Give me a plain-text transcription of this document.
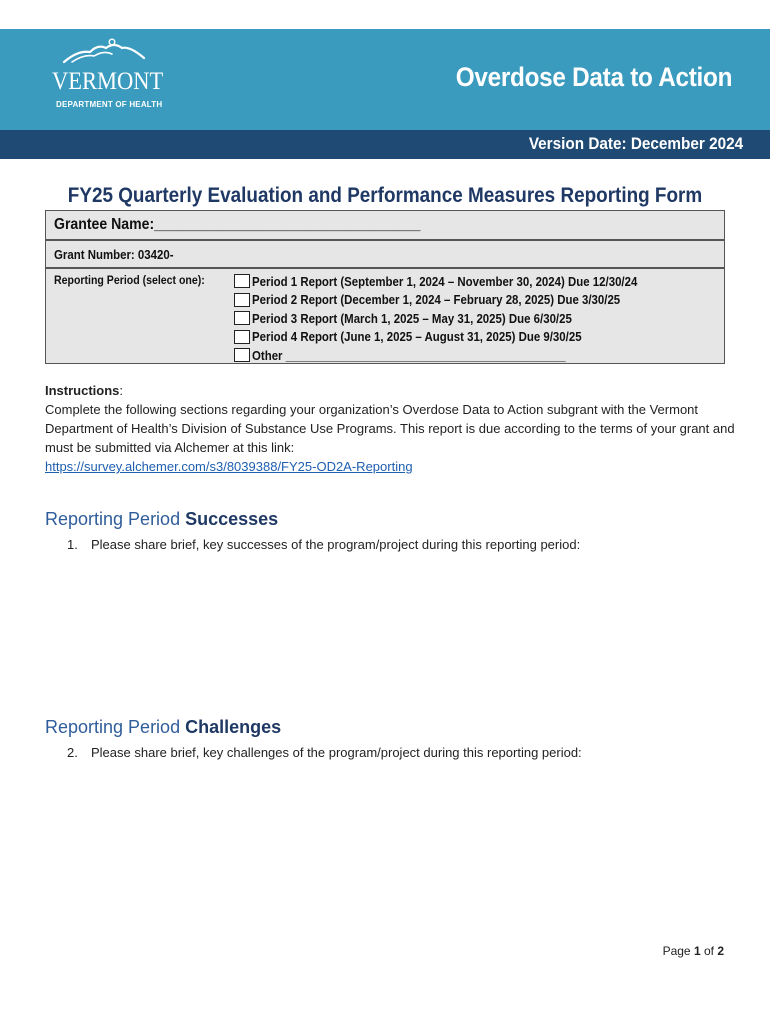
VERMONT
DEPARTMENT OF HEALTH
Overdose Data to Action
Version Date: December 2024
FY25 Quarterly Evaluation and Performance Measures Reporting Form
Grantee Name:__________________________________
Grant Number: 03420-
Reporting Period (select one):	Period 1 Report (September 1, 2024 – November 30, 2024) Due 12/30/24
Period 2 Report (December 1, 2024 – February 28, 2025) Due 3/30/25
Period 3 Report (March 1, 2025 – May 31, 2025) Due 6/30/25
Period 4 Report (June 1, 2025 – August 31, 2025) Due 9/30/25
Other ____________________________________________
Instructions:
Complete the following sections regarding your organization’s Overdose Data to Action subgrant with the Vermont Department of Health’s Division of Substance Use Programs. This report is due according to the terms of your grant and must be submitted via Alchemer at this link:
https://survey.alchemer.com/s3/8039388/FY25-OD2A-Reporting
Reporting Period Successes
1. Please share brief, key successes of the program/project during this reporting period:
Reporting Period Challenges
2. Please share brief, key challenges of the program/project during this reporting period:
Page 1 of 2
